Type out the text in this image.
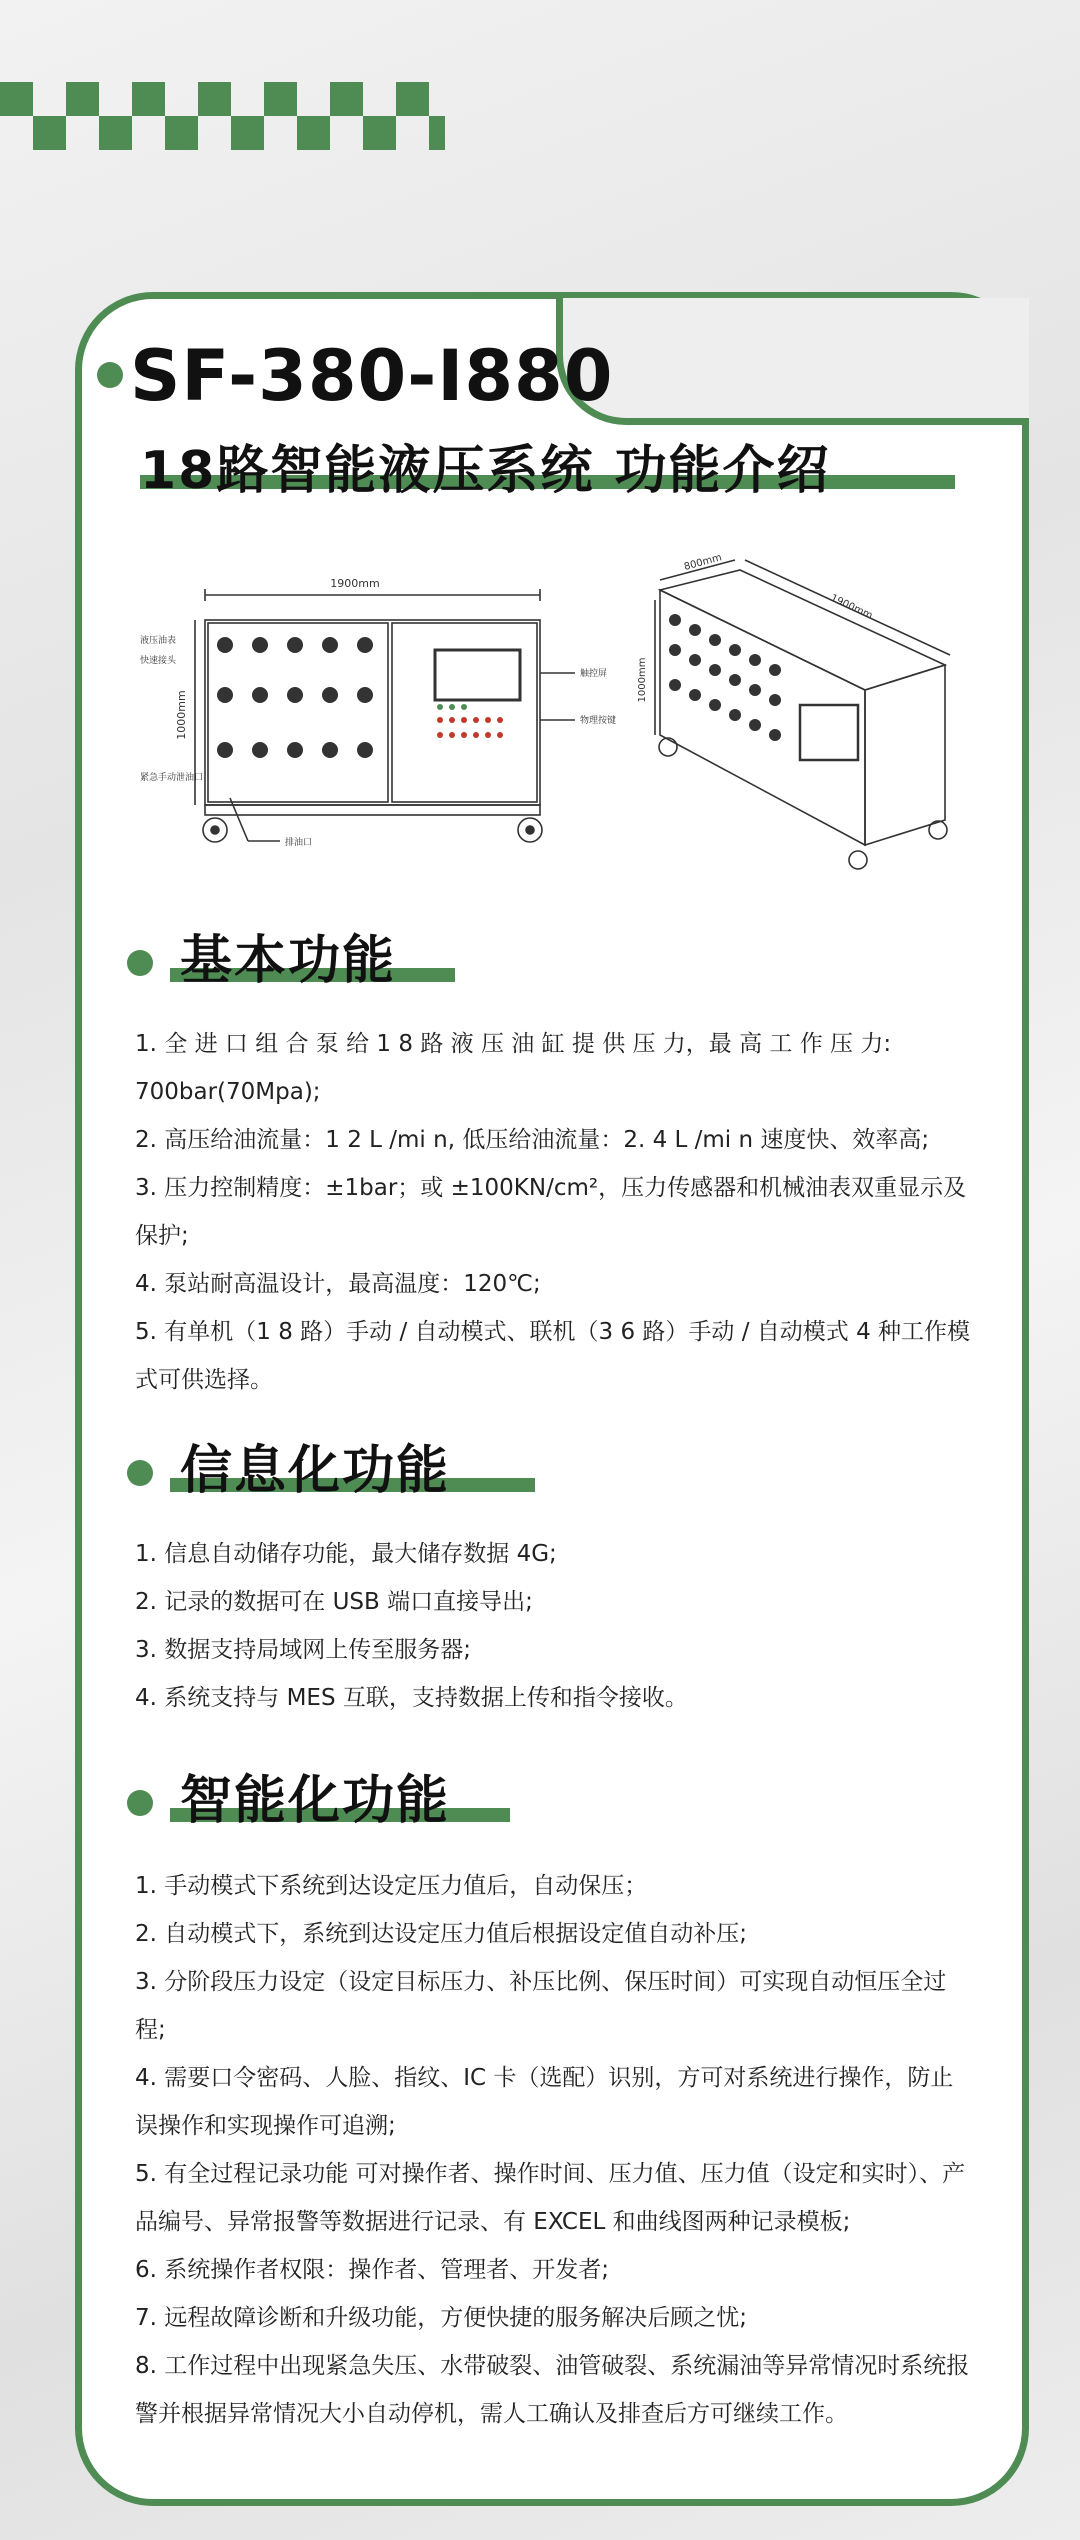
SF-380-I880
18路智能液压系统 功能介绍
1900mm
1000mm
液压油表
快速接头
紧急手动泄油口
排油口
触控屏
物理按键
800mm
1900mm
1000mm
基本功能
1. 全 进 口 组 合 泵 给 1 8 路 液 压 油 缸 提 供 压 力，最 高 工 作 压 力: 700bar(70Mpa);
2. 高压给油流量：1 2 L /mi n, 低压给油流量：2. 4 L /mi n 速度快、效率高;
3. 压力控制精度：±1bar；或 ±100KN/cm²，压力传感器和机械油表双重显示及保护;
4. 泵站耐高温设计，最高温度：120℃;
5. 有单机（1 8 路）手动 / 自动模式、联机（3 6 路）手动 / 自动模式 4 种工作模式可供选择。
信息化功能
1. 信息自动储存功能，最大储存数据 4G;
2. 记录的数据可在 USB 端口直接导出;
3. 数据支持局域网上传至服务器;
4. 系统支持与 MES 互联，支持数据上传和指令接收。
智能化功能
1. 手动模式下系统到达设定压力值后，自动保压；
2. 自动模式下，系统到达设定压力值后根据设定值自动补压;
3. 分阶段压力设定（设定目标压力、补压比例、保压时间）可实现自动恒压全过程;
4. 需要口令密码、人脸、指纹、IC 卡（选配）识别，方可对系统进行操作，防止误操作和实现操作可追溯;
5. 有全过程记录功能 可对操作者、操作时间、压力值、压力值（设定和实时）、产品编号、异常报警等数据进行记录、有 EXCEL 和曲线图两种记录模板;
6. 系统操作者权限：操作者、管理者、开发者;
7. 远程故障诊断和升级功能，方便快捷的服务解决后顾之忧;
8. 工作过程中出现紧急失压、水带破裂、油管破裂、系统漏油等异常情况时系统报警并根据异常情况大小自动停机，需人工确认及排查后方可继续工作。
